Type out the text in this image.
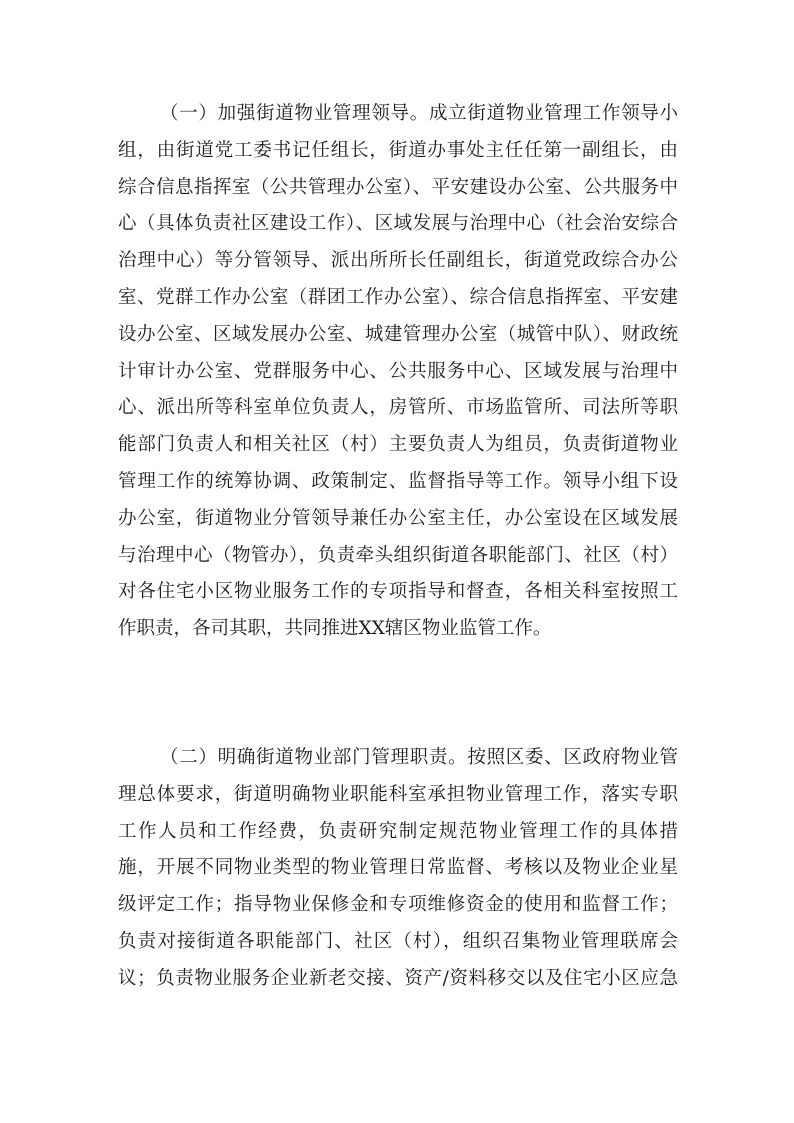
（一）加强街道物业管理领导。成立街道物业管理工作领导小
组，由街道党工委书记任组长，街道办事处主任任第一副组长，由
综合信息指挥室（公共管理办公室）、平安建设办公室、公共服务中
心（具体负责社区建设工作）、区域发展与治理中心（社会治安综合
治理中心）等分管领导、派出所所长任副组长，街道党政综合办公
室、党群工作办公室（群团工作办公室）、综合信息指挥室、平安建
设办公室、区域发展办公室、城建管理办公室（城管中队）、财政统
计审计办公室、党群服务中心、公共服务中心、区域发展与治理中
心、派出所等科室单位负责人，房管所、市场监管所、司法所等职
能部门负责人和相关社区（村）主要负责人为组员，负责街道物业
管理工作的统筹协调、政策制定、监督指导等工作。领导小组下设
办公室，街道物业分管领导兼任办公室主任，办公室设在区域发展
与治理中心（物管办），负责牵头组织街道各职能部门、社区（村）
对各住宅小区物业服务工作的专项指导和督查，各相关科室按照工
作职责，各司其职，共同推进XX辖区物业监管工作。
（二）明确街道物业部门管理职责。按照区委、区政府物业管
理总体要求，街道明确物业职能科室承担物业管理工作，落实专职
工作人员和工作经费，负责研究制定规范物业管理工作的具体措
施，开展不同物业类型的物业管理日常监督、考核以及物业企业星
级评定工作；指导物业保修金和专项维修资金的使用和监督工作；
负责对接街道各职能部门、社区（村），组织召集物业管理联席会
议；负责物业服务企业新老交接、资产/资料移交以及住宅小区应急
